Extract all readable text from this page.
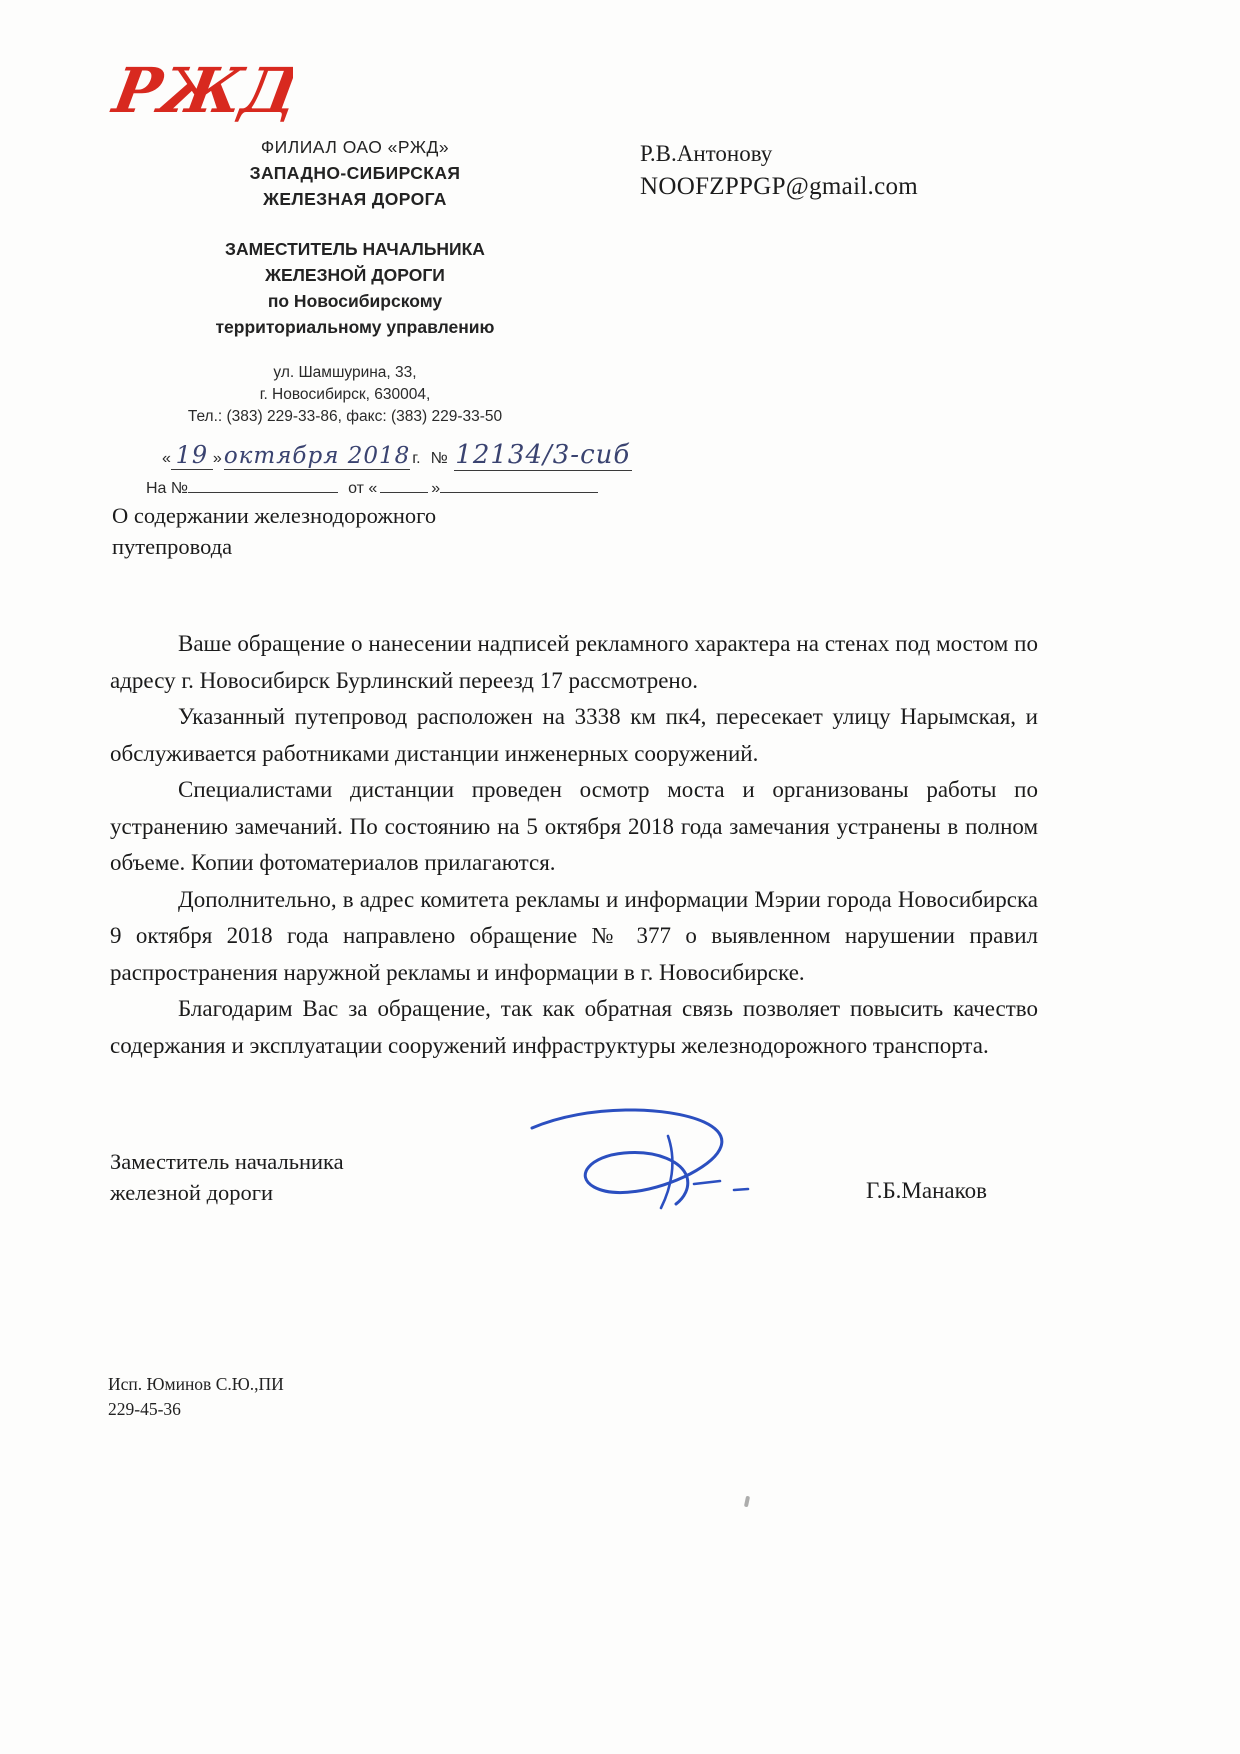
РЖД
ФИЛИАЛ ОАО «РЖД»
ЗАПАДНО-СИБИРСКАЯ
ЖЕЛЕЗНАЯ ДОРОГА
ЗАМЕСТИТЕЛЬ НАЧАЛЬНИКА
ЖЕЛЕЗНОЙ ДОРОГИ
по Новосибирскому
территориальному управлению
ул. Шамшурина, 33,
г. Новосибирск, 630004,
Тел.: (383) 229-33-86, факс: (383) 229-33-50
Р.В.Антонову
NOOFZPPGP@gmail.com
« 19 » октября 2018 г. № 12134/3-сиб
На №	от «	»
О содержании железнодорожного
путепровода

Ваше обращение о нанесении надписей рекламного характера на стенах под мостом по адресу г. Новосибирск Бурлинский переезд 17 рассмотрено.

Указанный путепровод расположен на 3338 км пк4, пересекает улицу Нарымская, и обслуживается работниками дистанции инженерных сооружений.

Специалистами дистанции проведен осмотр моста и организованы работы по устранению замечаний. По состоянию на 5 октября 2018 года замечания устранены в полном объеме. Копии фотоматериалов прилагаются.

Дополнительно, в адрес комитета рекламы и информации Мэрии города Новосибирска 9 октября 2018 года направлено обращение № 377 о выявленном нарушении правил распространения наружной рекламы и информации в г. Новосибирске.

Благодарим Вас за обращение, так как обратная связь позволяет повысить качество содержания и эксплуатации сооружений инфраструктуры железнодорожного транспорта.

Заместитель начальника
железной дороги	Г.Б.Манаков
Исп. Юминов С.Ю.,ПИ
229-45-36
